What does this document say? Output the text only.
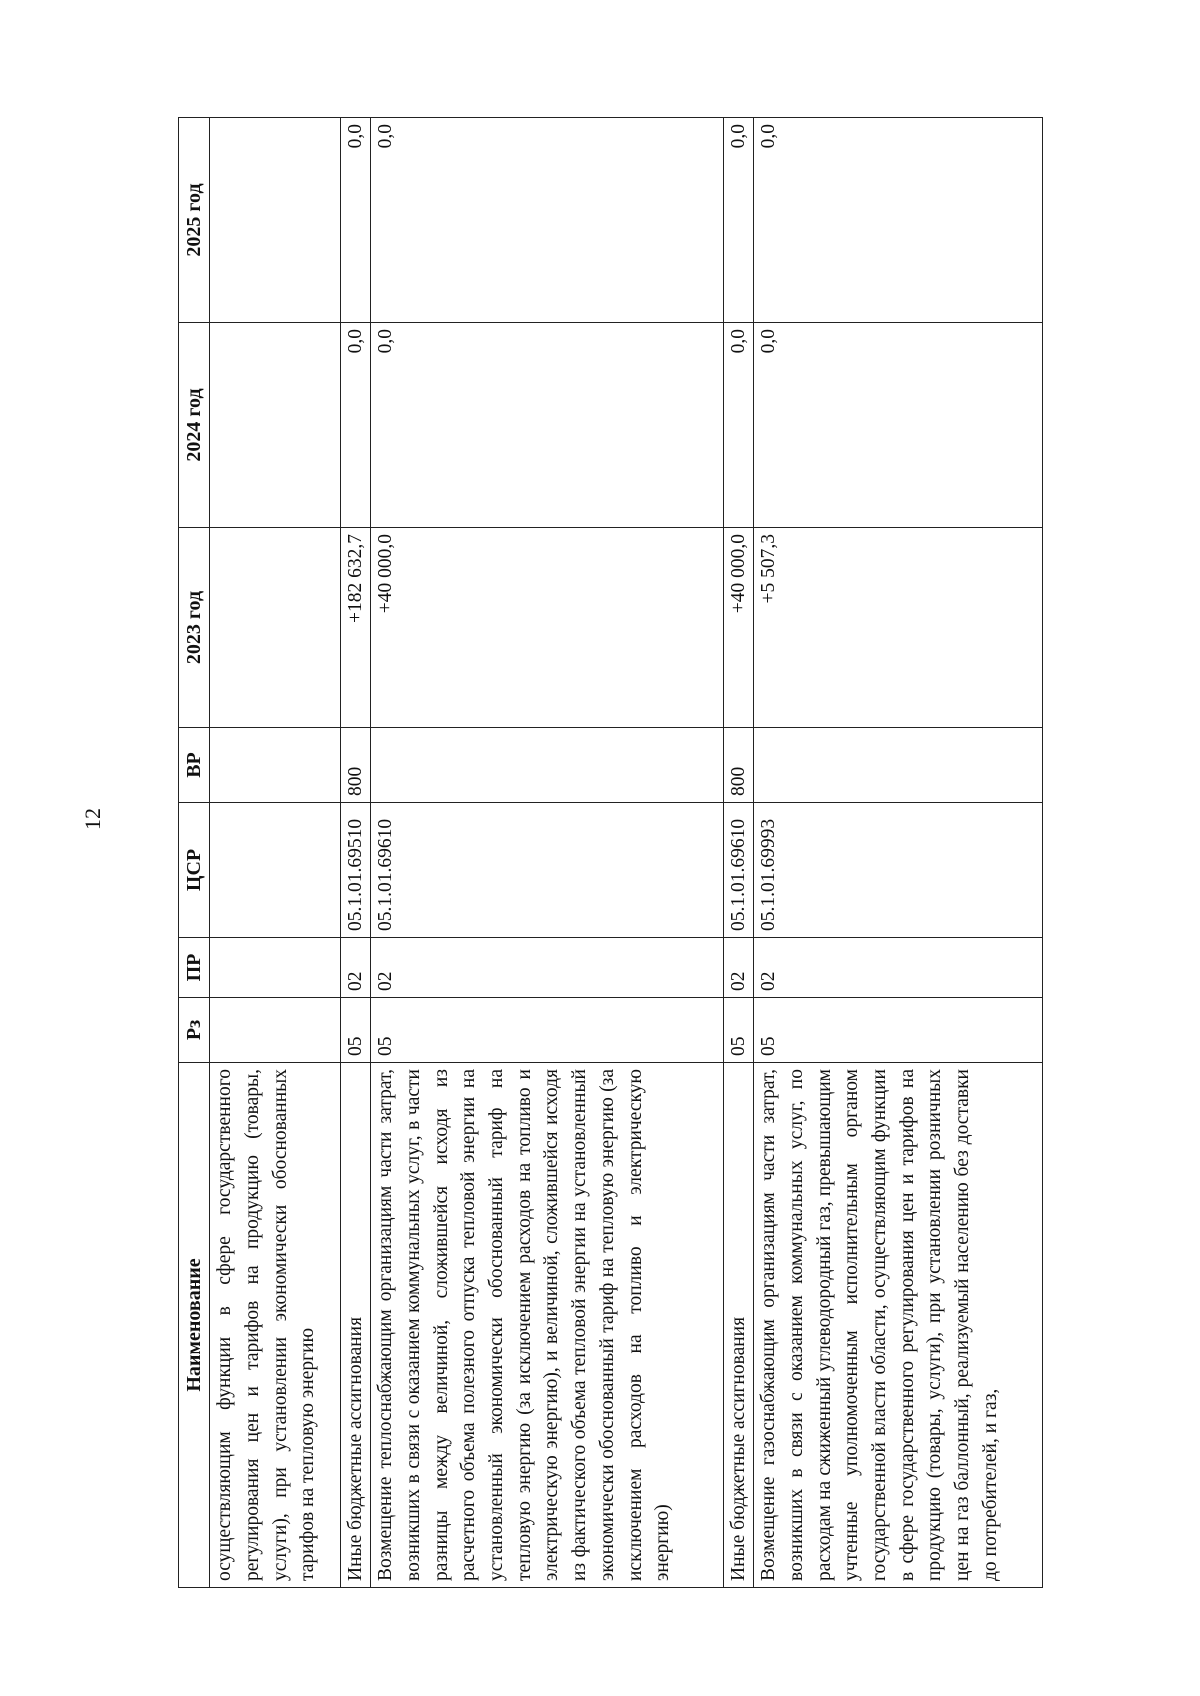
12
Наименование	Рз	ПР	ЦСР	ВР	2023 год	2024 год	2025 год
осуществляющим функции в сфере государственного регулирования цен и тарифов на продукцию (товары, услуги), при установлении экономически обоснованных тарифов на тепловую энергию							
Иные бюджетные ассигнования	05	02	05.1.01.69510	800	+182 632,7	0,0	0,0
Возмещение теплоснабжающим организациям части затрат, возникших в связи с оказанием коммунальных услуг, в части разницы между величиной, сложившейся исходя из расчетного объема полезного отпуска тепловой энергии на установленный экономически обоснованный тариф на тепловую энергию (за исключением расходов на топливо и электрическую энергию), и величиной, сложившейся исходя из фактического объема тепловой энергии на установленный экономически обоснованный тариф на тепловую энергию (за исключением расходов на топливо и электрическую энергию)	05	02	05.1.01.69610		+40 000,0	0,0	0,0
Иные бюджетные ассигнования	05	02	05.1.01.69610	800	+40 000,0	0,0	0,0
Возмещение газоснабжающим организациям части затрат, возникших в связи с оказанием коммунальных услуг, по расходам на сжиженный углеводородный газ, превышающим учтенные уполномоченным исполнительным органом государственной власти области, осуществляющим функции в сфере государственного регулирования цен и тарифов на продукцию (товары, услуги), при установлении розничных цен на газ баллонный, реализуемый населению без доставки до потребителей, и газ,	05	02	05.1.01.69993		+5 507,3	0,0	0,0
